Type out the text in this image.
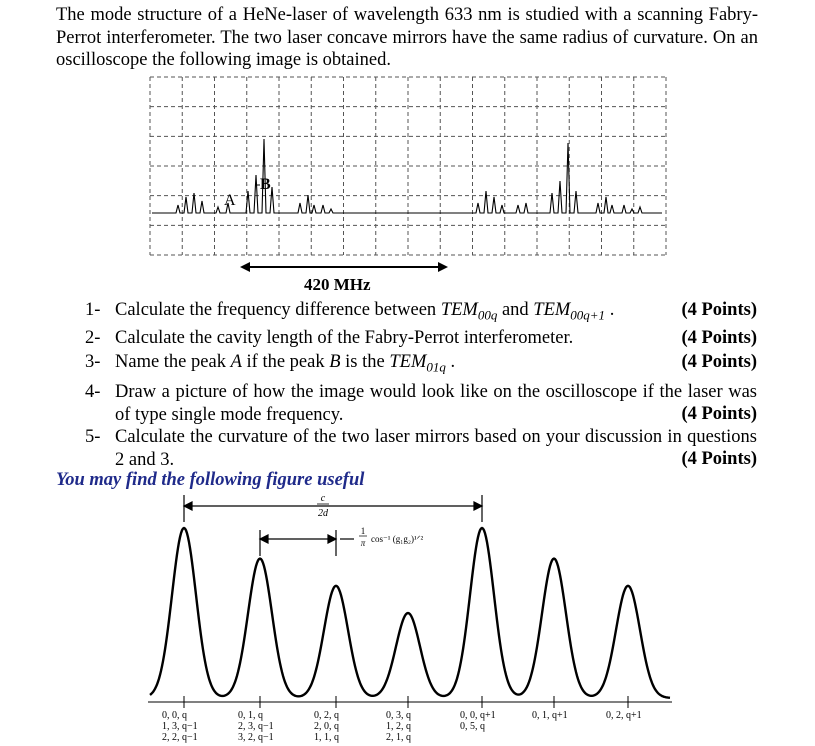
The mode structure of a HeNe-laser of wavelength 633 nm is studied with a scanning Fabry-Perrot interferometer. The two laser concave mirrors have the same radius of curvature. On an oscilloscope the following image is obtained.

A
B
420 MHz
1- Calculate the frequency difference between $TEM_{00q}$ and $TEM_{00q+1}$ .	(4 Points)
2- Calculate the cavity length of the Fabry-Perrot interferometer.	(4 Points)
3- Name the peak A if the peak B is the $TEM_{01q}$ .	(4 Points)
4- Draw a picture of how the image would look like on the oscilloscope if the laser was of type single mode frequency.	(4 Points)
5- Calculate the curvature of the two laser mirrors based on your discussion in questions 2 and 3.	(4 Points)
You may find the following figure useful
c
2d
1
π cos⁻¹ (g₁g₂)¹ᐟ²
0, 0, q
1, 3, q−1
2, 2, q−1
0, 1, q
2, 3, q−1
3, 2, q−1
0, 2, q
2, 0, q
1, 1, q
0, 3, q
1, 2, q
2, 1, q
0, 0, q+1
0, 5, q
0, 1, q+1	0, 2, q+1
